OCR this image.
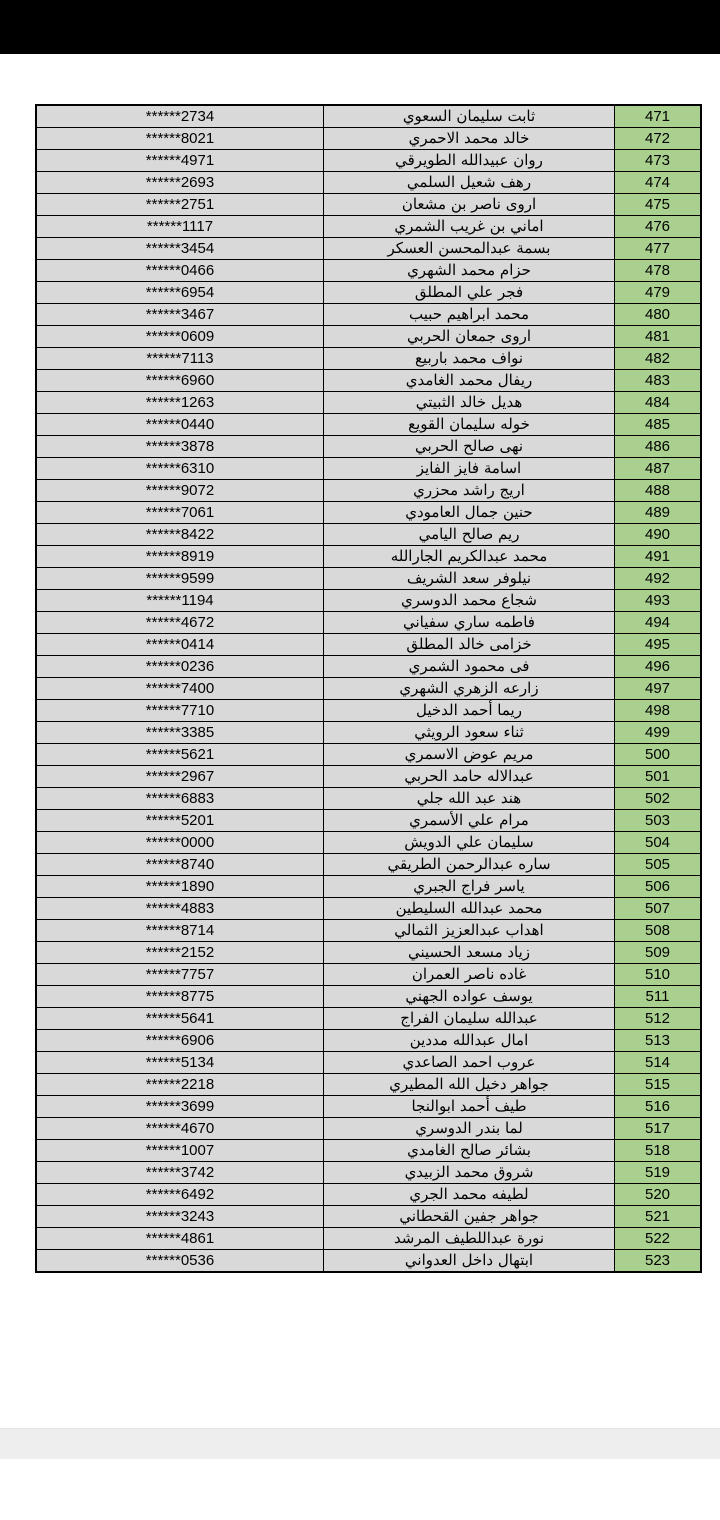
******2734	ثابت سليمان السعوي	471
******8021	خالد محمد الاحمري	472
******4971	روان عبيدالله الطويرقي	473
******2693	رهف شعيل السلمي	474
******2751	اروى ناصر بن مشعان	475
******1117	اماني بن غريب الشمري	476
******3454	بسمة عبدالمحسن العسكر	477
******0466	حزام محمد الشهري	478
******6954	فجر علي المطلق	479
******3467	محمد ابراهيم حبيب	480
******0609	اروى جمعان الحربي	481
******7113	نواف محمد باربيع	482
******6960	ريفال محمد الغامدي	483
******1263	هديل خالد الثبيتي	484
******0440	خوله سليمان القويع	485
******3878	نهى صالح الحربي	486
******6310	اسامة فايز الفايز	487
******9072	اريج راشد محزري	488
******7061	حنين جمال العامودي	489
******8422	ريم صالح اليامي	490
******8919	محمد عبدالكريم الجارالله	491
******9599	نيلوفر سعد الشريف	492
******1194	شجاع محمد الدوسري	493
******4672	فاطمه ساري سفياني	494
******0414	خزامى خالد المطلق	495
******0236	فى محمود الشمري	496
******7400	زارعه الزهري الشهري	497
******7710	ريما أحمد الدخيل	498
******3385	ثناء سعود الرويثي	499
******5621	مريم عوض الاسمري	500
******2967	عبدالاله حامد الحربي	501
******6883	هند عبد الله جلي	502
******5201	مرام علي الأسمري	503
******0000	سليمان علي الدويش	504
******8740	ساره عبدالرحمن الطريقي	505
******1890	ياسر فراج الجبري	506
******4883	محمد عبدالله السليطين	507
******8714	اهداب عبدالعزيز الثمالي	508
******2152	زياد مسعد الحسيني	509
******7757	غاده ناصر العمران	510
******8775	يوسف عواده الجهني	511
******5641	عبدالله سليمان الفراج	512
******6906	امال عبدالله مددين	513
******5134	عروب احمد الصاعدي	514
******2218	جواهر دخيل الله المطيري	515
******3699	طيف أحمد ابوالنجا	516
******4670	لما بندر الدوسري	517
******1007	بشائر صالح الغامدي	518
******3742	شروق محمد الزبيدي	519
******6492	لطيفه محمد الجري	520
******3243	جواهر جفين القحطاني	521
******4861	نورة عبداللطيف المرشد	522
******0536	ابتهال داخل العدواني	523
